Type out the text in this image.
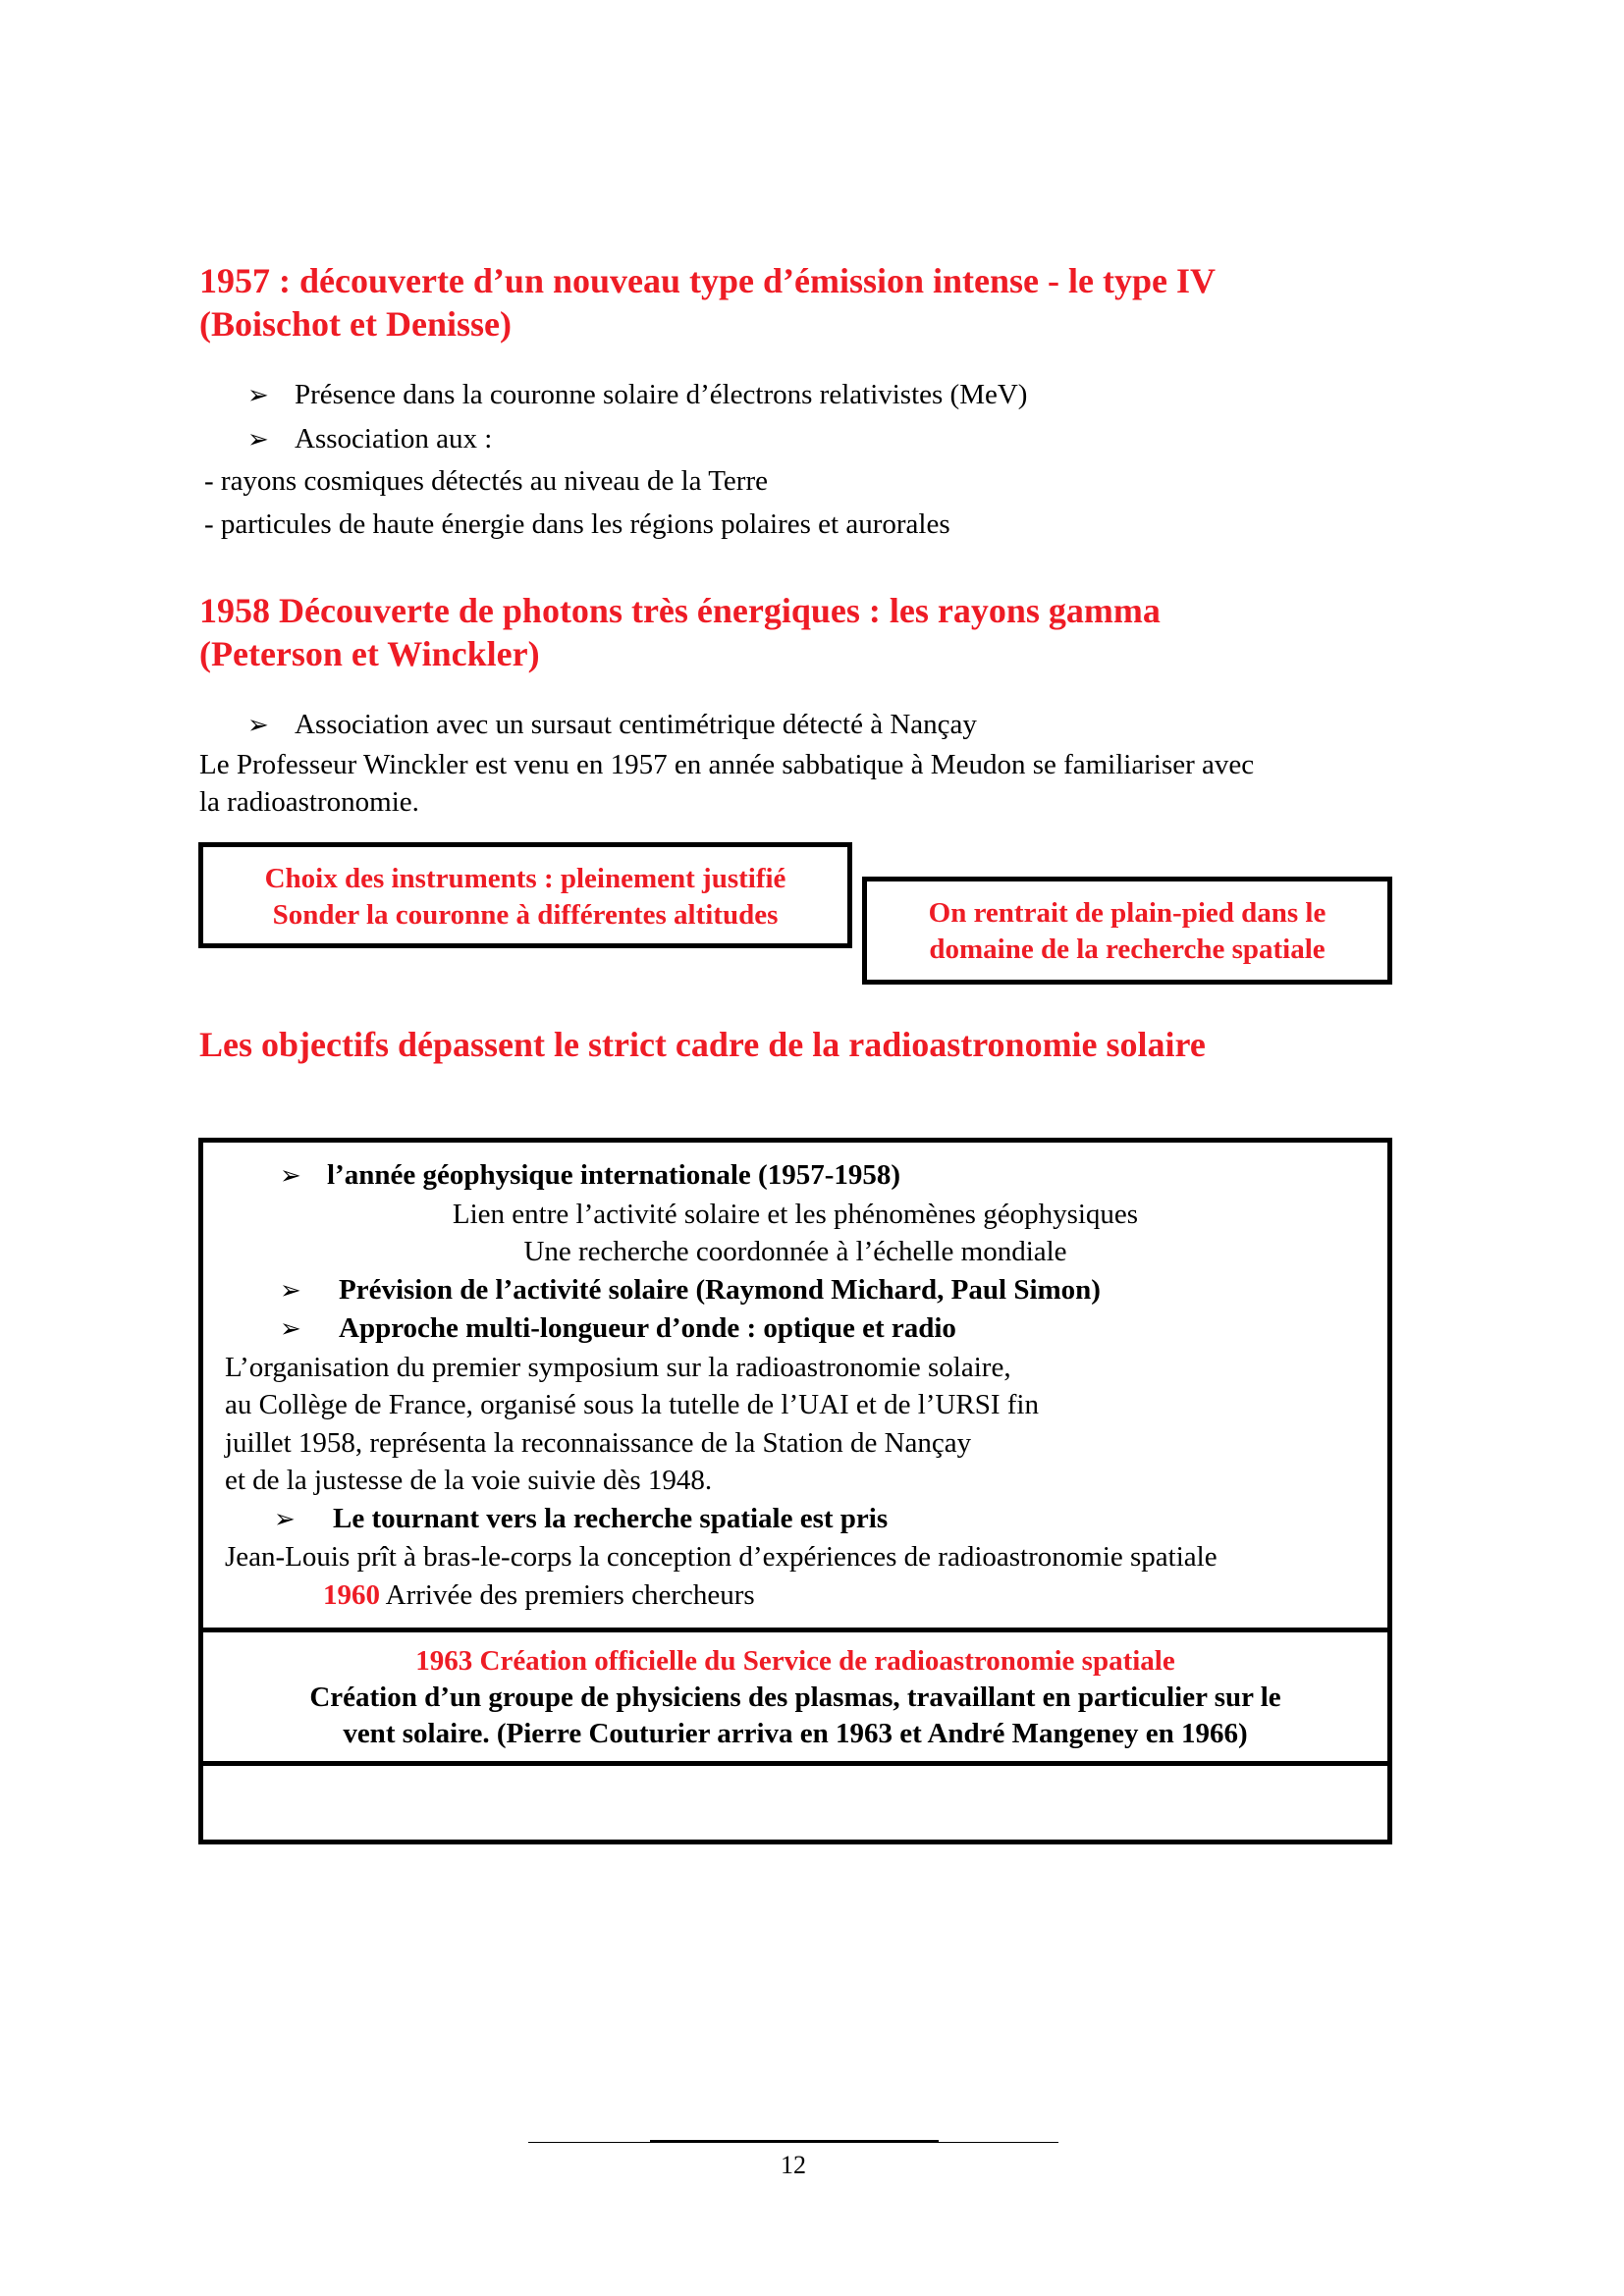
1957 : découverte d’un nouveau type d’émission intense - le type IV
(Boischot et Denisse)
➢ Présence dans la couronne solaire d’électrons relativistes (MeV)
➢ Association aux :
- rayons cosmiques détectés au niveau de la Terre
- particules de haute énergie dans les régions polaires et aurorales
1958 Découverte de photons très énergiques : les rayons gamma
(Peterson et Winckler)
➢ Association avec un sursaut centimétrique détecté à Nançay
Le Professeur Winckler est venu en 1957 en année sabbatique à Meudon se familiariser avec
la radioastronomie.
Choix des instruments : pleinement justifié
Sonder la couronne à différentes altitudes	On rentrait de plain-pied dans le
domaine de la recherche spatiale
Les objectifs dépassent le strict cadre de la radioastronomie solaire
➢ l’année géophysique internationale (1957-1958)
Lien entre l’activité solaire et les phénomènes géophysiques
Une recherche coordonnée à l’échelle mondiale
➢	Prévision de l’activité solaire (Raymond Michard, Paul Simon)
➢	Approche multi-longueur d’onde : optique et radio
L’organisation du premier symposium sur la radioastronomie solaire,
au Collège de France, organisé sous la tutelle de l’UAI et de l’URSI fin
juillet 1958, représenta la reconnaissance de la Station de Nançay
et de la justesse de la voie suivie dès 1948.
➢	Le tournant vers la recherche spatiale est pris
Jean-Louis prît à bras-le-corps la conception d’expériences de radioastronomie spatiale
1960 Arrivée des premiers chercheurs
1963 Création officielle du Service de radioastronomie spatiale
Création d’un groupe de physiciens des plasmas, travaillant en particulier sur le
vent solaire. (Pierre Couturier arriva en 1963 et André Mangeney en 1966)
12
